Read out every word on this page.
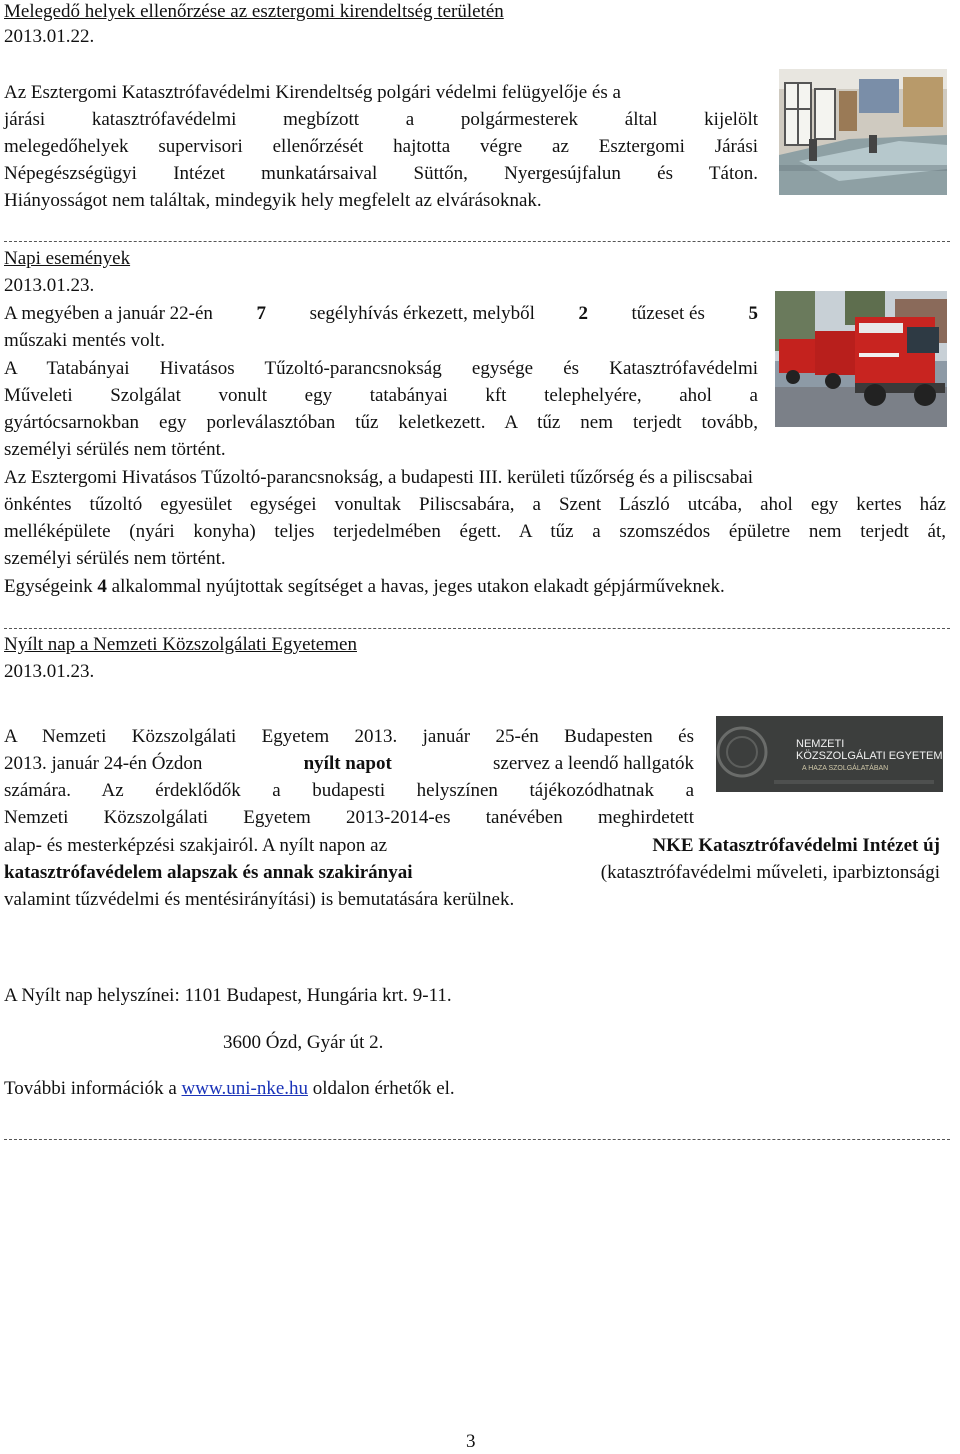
Melegedő helyek ellenőrzése az esztergomi kirendeltség területén
2013.01.22.
Az Esztergomi Katasztrófavédelmi Kirendeltség polgári védelmi felügyelője és a
járási katasztrófavédelmi megbízott a polgármesterek által kijelölt
melegedőhelyek supervisori ellenőrzését hajtotta végre az Esztergomi Járási
Népegészségügyi Intézet munkatársaival Süttőn, Nyergesújfalun és Táton.
Hiányosságot nem találtak, mindegyik hely megfelelt az elvárásoknak.
Napi események
2013.01.23.
A megyében a január 22-én 7 segélyhívás érkezett, melyből 2 tűzeset és 5
műszaki mentés volt.
A Tatabányai Hivatásos Tűzoltó-parancsnokság egysége és Katasztrófavédelmi
Műveleti Szolgálat vonult egy tatabányai kft telephelyére, ahol a
gyártócsarnokban egy porleválasztóban tűz keletkezett. A tűz nem terjedt tovább,
személyi sérülés nem történt.
Az Esztergomi Hivatásos Tűzoltó-parancsnokság, a budapesti III. kerületi tűzőrség és a piliscsabai
önkéntes tűzoltó egyesület egységei vonultak Piliscsabára, a Szent László utcába, ahol egy kertes ház
melléképülete (nyári konyha) teljes terjedelmében égett. A tűz a szomszédos épületre nem terjedt át,
személyi sérülés nem történt.
Egységeink 4 alkalommal nyújtottak segítséget a havas, jeges utakon elakadt gépjárműveknek.
Nyílt nap a Nemzeti Közszolgálati Egyetemen
2013.01.23.
A Nemzeti Közszolgálati Egyetem 2013. január 25-én Budapesten és
2013. január 24-én Ózdon	nyílt napot	szervez a leendő hallgatók
számára. Az érdeklődők a budapesti helyszínen tájékozódhatnak a
Nemzeti Közszolgálati Egyetem 2013-2014-es tanévében meghirdetett
alap- és mesterképzési szakjairól. A nyílt napon az	NKE Katasztrófavédelmi Intézet új
katasztrófavédelem alapszak és annak szakirányai	(katasztrófavédelmi műveleti, iparbiztonsági
valamint tűzvédelmi és mentésirányítási) is bemutatására kerülnek.
NEMZETI
KÖZSZOLGÁLATI EGYETEM
A HAZA SZOLGÁLATÁBAN
A Nyílt nap helyszínei: 1101 Budapest, Hungária krt. 9-11.
3600 Ózd, Gyár út 2.
További információk a www.uni-nke.hu oldalon érhetők el.
3
